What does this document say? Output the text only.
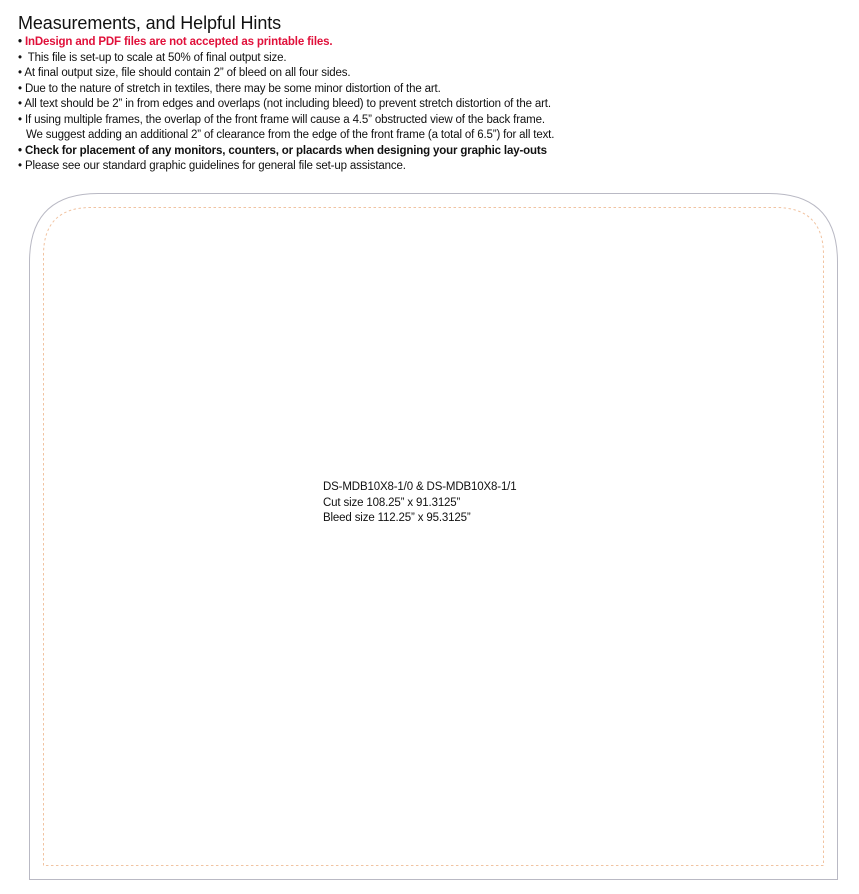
Measurements, and Helpful Hints
• InDesign and PDF files are not accepted as printable files.
•  This file is set-up to scale at 50% of final output size.
• At final output size, file should contain 2” of bleed on all four sides.
• Due to the nature of stretch in textiles, there may be some minor distortion of the art.
• All text should be 2” in from edges and overlaps (not including bleed) to prevent stretch distortion of the art.
• If using multiple frames, the overlap of the front frame will cause a 4.5” obstructed view of the back frame.
We suggest adding an additional 2” of clearance from the edge of the front frame (a total of 6.5”) for all text.
• Check for placement of any monitors, counters, or placards when designing your graphic lay-outs
• Please see our standard graphic guidelines for general file set-up assistance.
DS-MDB10X8-1/0 & DS-MDB10X8-1/1
Cut size 108.25” x 91.3125”
Bleed size 112.25” x 95.3125”
